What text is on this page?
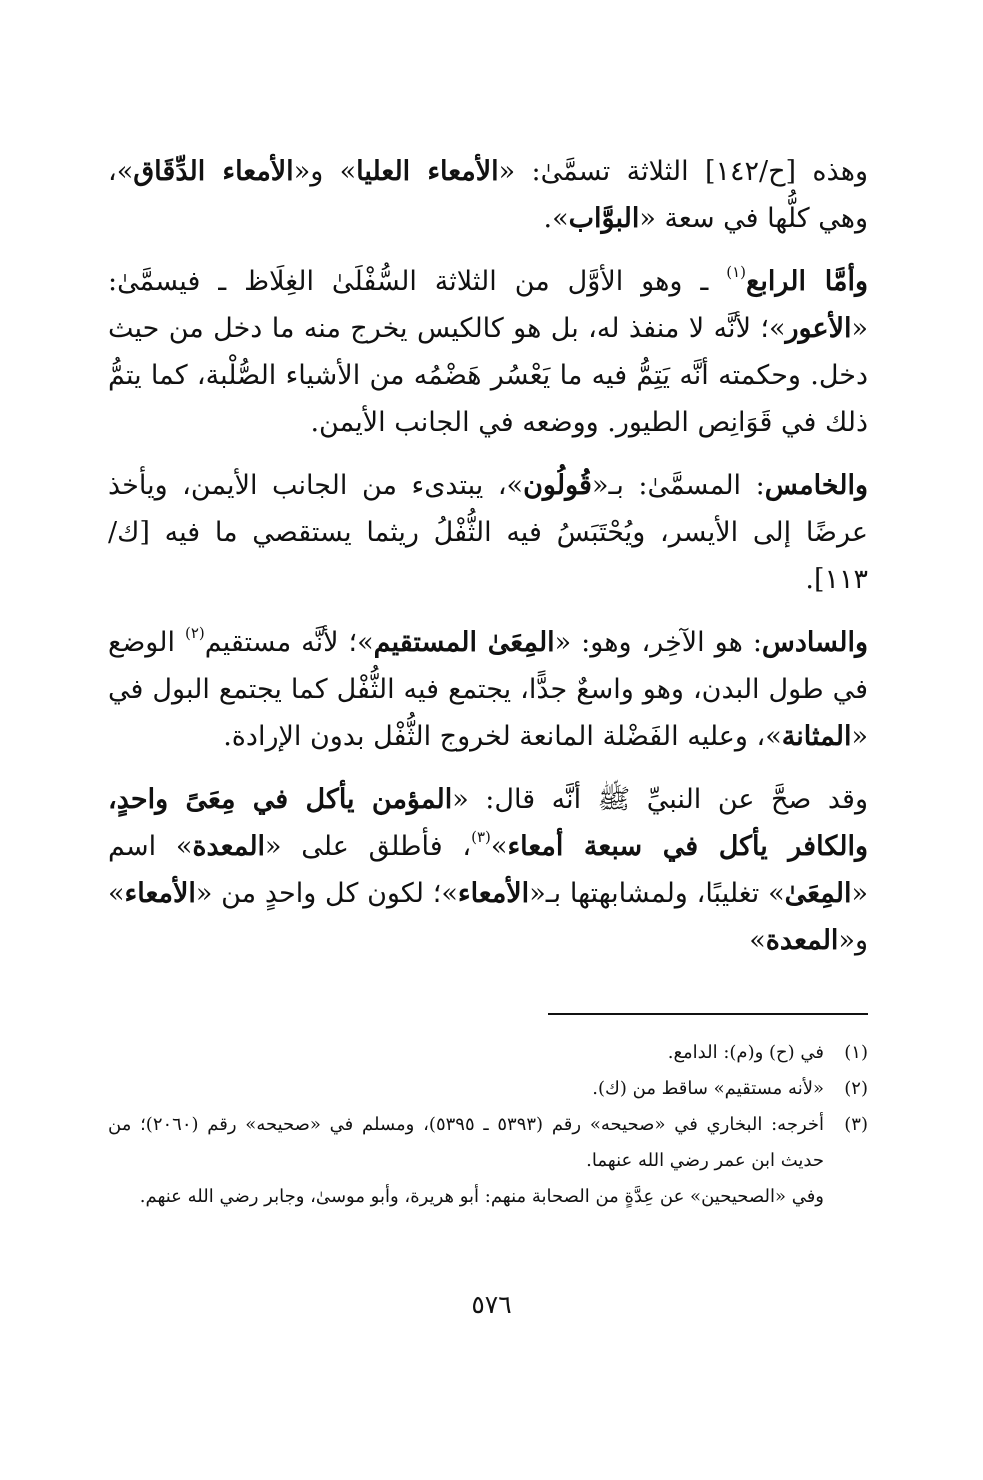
وهذه [ح/١٤٢] الثلاثة تسمَّىٰ: «الأمعاء العليا» و«الأمعاء الدِّقَاق»، وهي كلُّها في سعة «البوَّاب».

وأمَّا الرابع$^{(١)}$ ـ وهو الأوَّل من الثلاثة السُّفْلَىٰ الغِلَاظ ـ فيسمَّىٰ: «الأعور»؛ لأنَّه لا منفذ له، بل هو كالكيس يخرج منه ما دخل من حيث دخل. وحكمته أنَّه يَتِمُّ فيه ما يَعْسُر هَضْمُه من الأشياء الصُّلْبة، كما يتمُّ ذلك في قَوَانِص الطيور. ووضعه في الجانب الأيمن.

والخامس: المسمَّىٰ: بـ«قُولُون»، يبتدىء من الجانب الأيمن، ويأخذ عرضًا إلى الأيسر، ويُحْتَبَسُ فيه الثُّفْلُ ريثما يستقصي ما فيه [ك/١١٣].

والسادس: هو الآخِر، وهو: «المِعَىٰ المستقيم»؛ لأنَّه مستقيم$^{(٢)}$ الوضع في طول البدن، وهو واسعٌ جدًّا، يجتمع فيه الثُّفْل كما يجتمع البول في «المثانة»، وعليه الفَضْلة المانعة لخروج الثُّفْل بدون الإرادة.

وقد صحَّ عن النبيِّ ﷺ أنَّه قال: «المؤمن يأكل في مِعَىً واحدٍ، والكافر يأكل في سبعة أمعاء»$^{(٣)}$، فأطلق على «المعدة» اسم «المِعَىٰ» تغليبًا، ولمشابهتها بـ«الأمعاء»؛ لكون كل واحدٍ من «الأمعاء» و«المعدة»

(١)
في (ح) و(م): الدامع.
(٢)
«لأنه مستقيم» ساقط من (ك).
(٣)
أخرجه: البخاري في «صحيحه» رقم (٥٣٩٣ ـ ٥٣٩٥)، ومسلم في «صحيحه» رقم (٢٠٦٠)؛ من حديث ابن عمر رضي الله عنهما.
وفي «الصحيحين» عن عِدَّةٍ من الصحابة منهم: أبو هريرة، وأبو موسىٰ، وجابر رضي الله عنهم.
٥٧٦
